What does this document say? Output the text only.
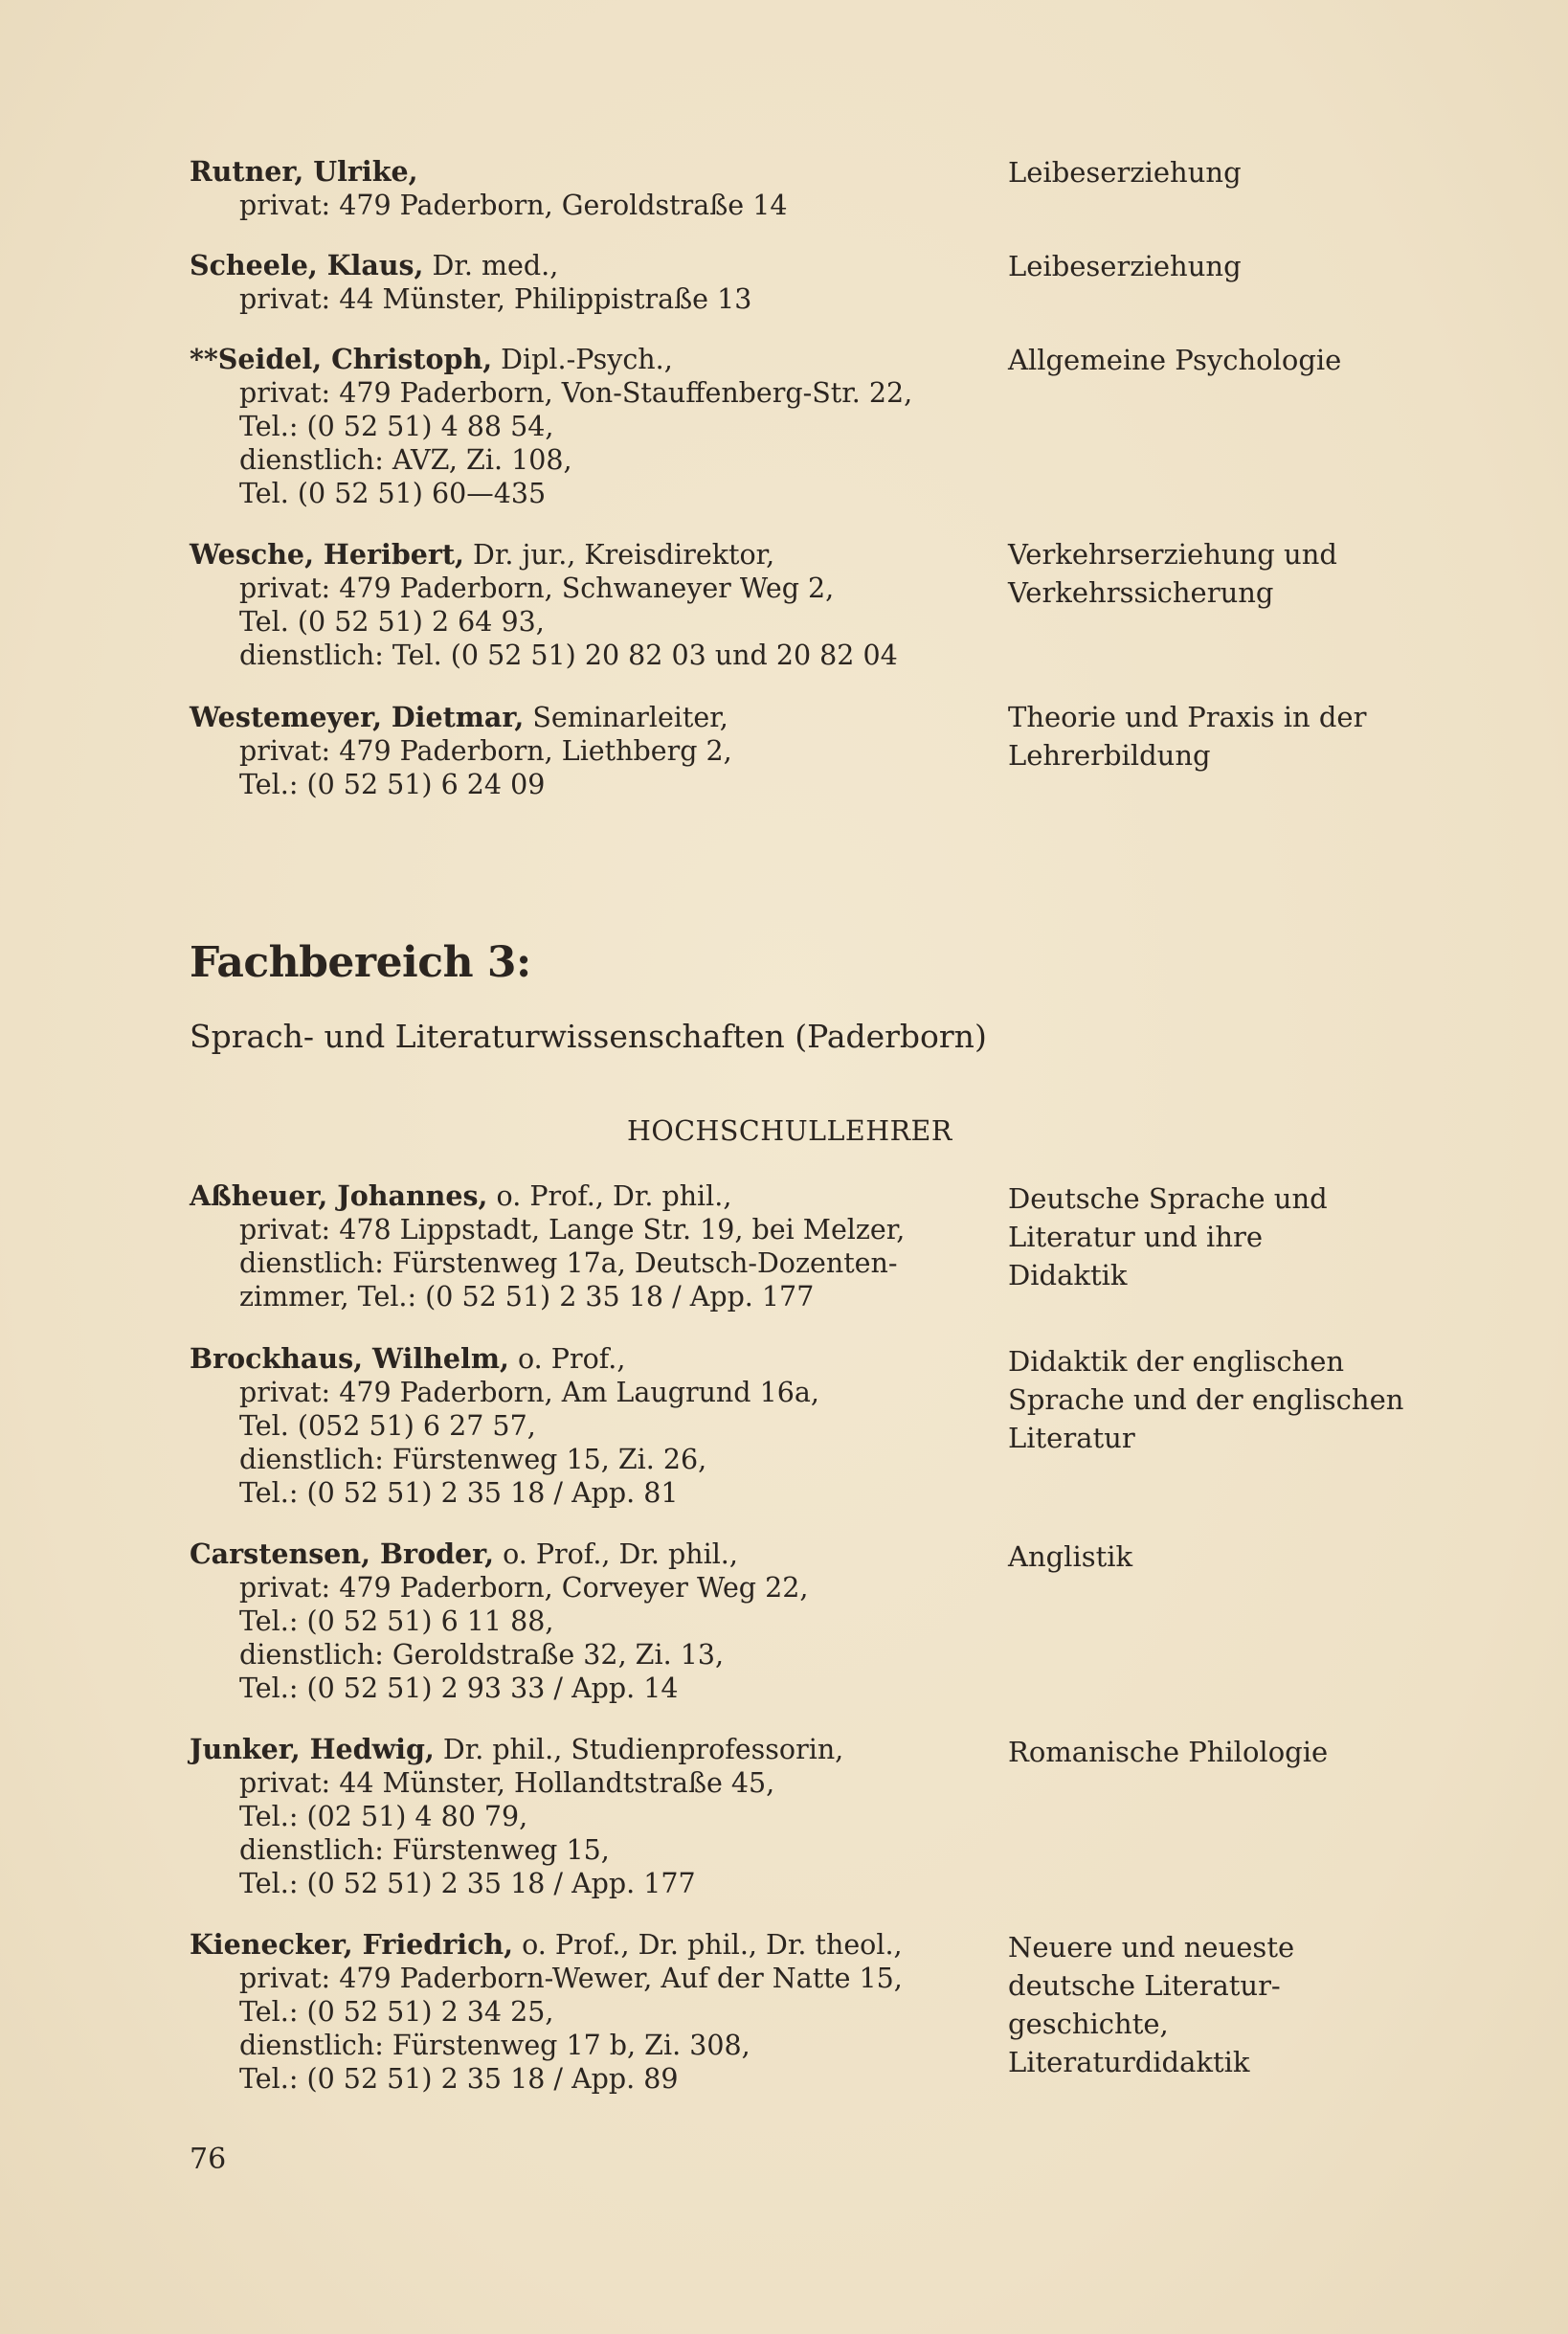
Rutner, Ulrike,
privat: 479 Paderborn, Geroldstraße 14
Leibeserziehung
Scheele, Klaus, Dr. med.,
privat: 44 Münster, Philippistraße 13
Leibeserziehung
**Seidel, Christoph, Dipl.-Psych.,
privat: 479 Paderborn, Von-Stauffenberg-Str. 22,
Tel.: (0 52 51) 4 88 54,
dienstlich: AVZ, Zi. 108,
Tel. (0 52 51) 60—435
Allgemeine Psychologie
Wesche, Heribert, Dr. jur., Kreisdirektor,
privat: 479 Paderborn, Schwaneyer Weg 2,
Tel. (0 52 51) 2 64 93,
dienstlich: Tel. (0 52 51) 20 82 03 und 20 82 04
Verkehrserziehung und
Verkehrssicherung
Westemeyer, Dietmar, Seminarleiter,
privat: 479 Paderborn, Liethberg 2,
Tel.: (0 52 51) 6 24 09
Theorie und Praxis in der
Lehrerbildung
Fachbereich 3:
Sprach- und Literaturwissenschaften (Paderborn)
HOCHSCHULLEHRER
Aßheuer, Johannes, o. Prof., Dr. phil.,
privat: 478 Lippstadt, Lange Str. 19, bei Melzer,
dienstlich: Fürstenweg 17a, Deutsch-Dozenten-
zimmer, Tel.: (0 52 51) 2 35 18 / App. 177
Deutsche Sprache und
Literatur und ihre
Didaktik
Brockhaus, Wilhelm, o. Prof.,
privat: 479 Paderborn, Am Laugrund 16a,
Tel. (052 51) 6 27 57,
dienstlich: Fürstenweg 15, Zi. 26,
Tel.: (0 52 51) 2 35 18 / App. 81
Didaktik der englischen
Sprache und der englischen
Literatur
Carstensen, Broder, o. Prof., Dr. phil.,
privat: 479 Paderborn, Corveyer Weg 22,
Tel.: (0 52 51) 6 11 88,
dienstlich: Geroldstraße 32, Zi. 13,
Tel.: (0 52 51) 2 93 33 / App. 14
Anglistik
Junker, Hedwig, Dr. phil., Studienprofessorin,
privat: 44 Münster, Hollandtstraße 45,
Tel.: (02 51) 4 80 79,
dienstlich: Fürstenweg 15,
Tel.: (0 52 51) 2 35 18 / App. 177
Romanische Philologie
Kienecker, Friedrich, o. Prof., Dr. phil., Dr. theol.,
privat: 479 Paderborn-Wewer, Auf der Natte 15,
Tel.: (0 52 51) 2 34 25,
dienstlich: Fürstenweg 17 b, Zi. 308,
Tel.: (0 52 51) 2 35 18 / App. 89
Neuere und neueste
deutsche Literatur-
geschichte,
Literaturdidaktik
76
